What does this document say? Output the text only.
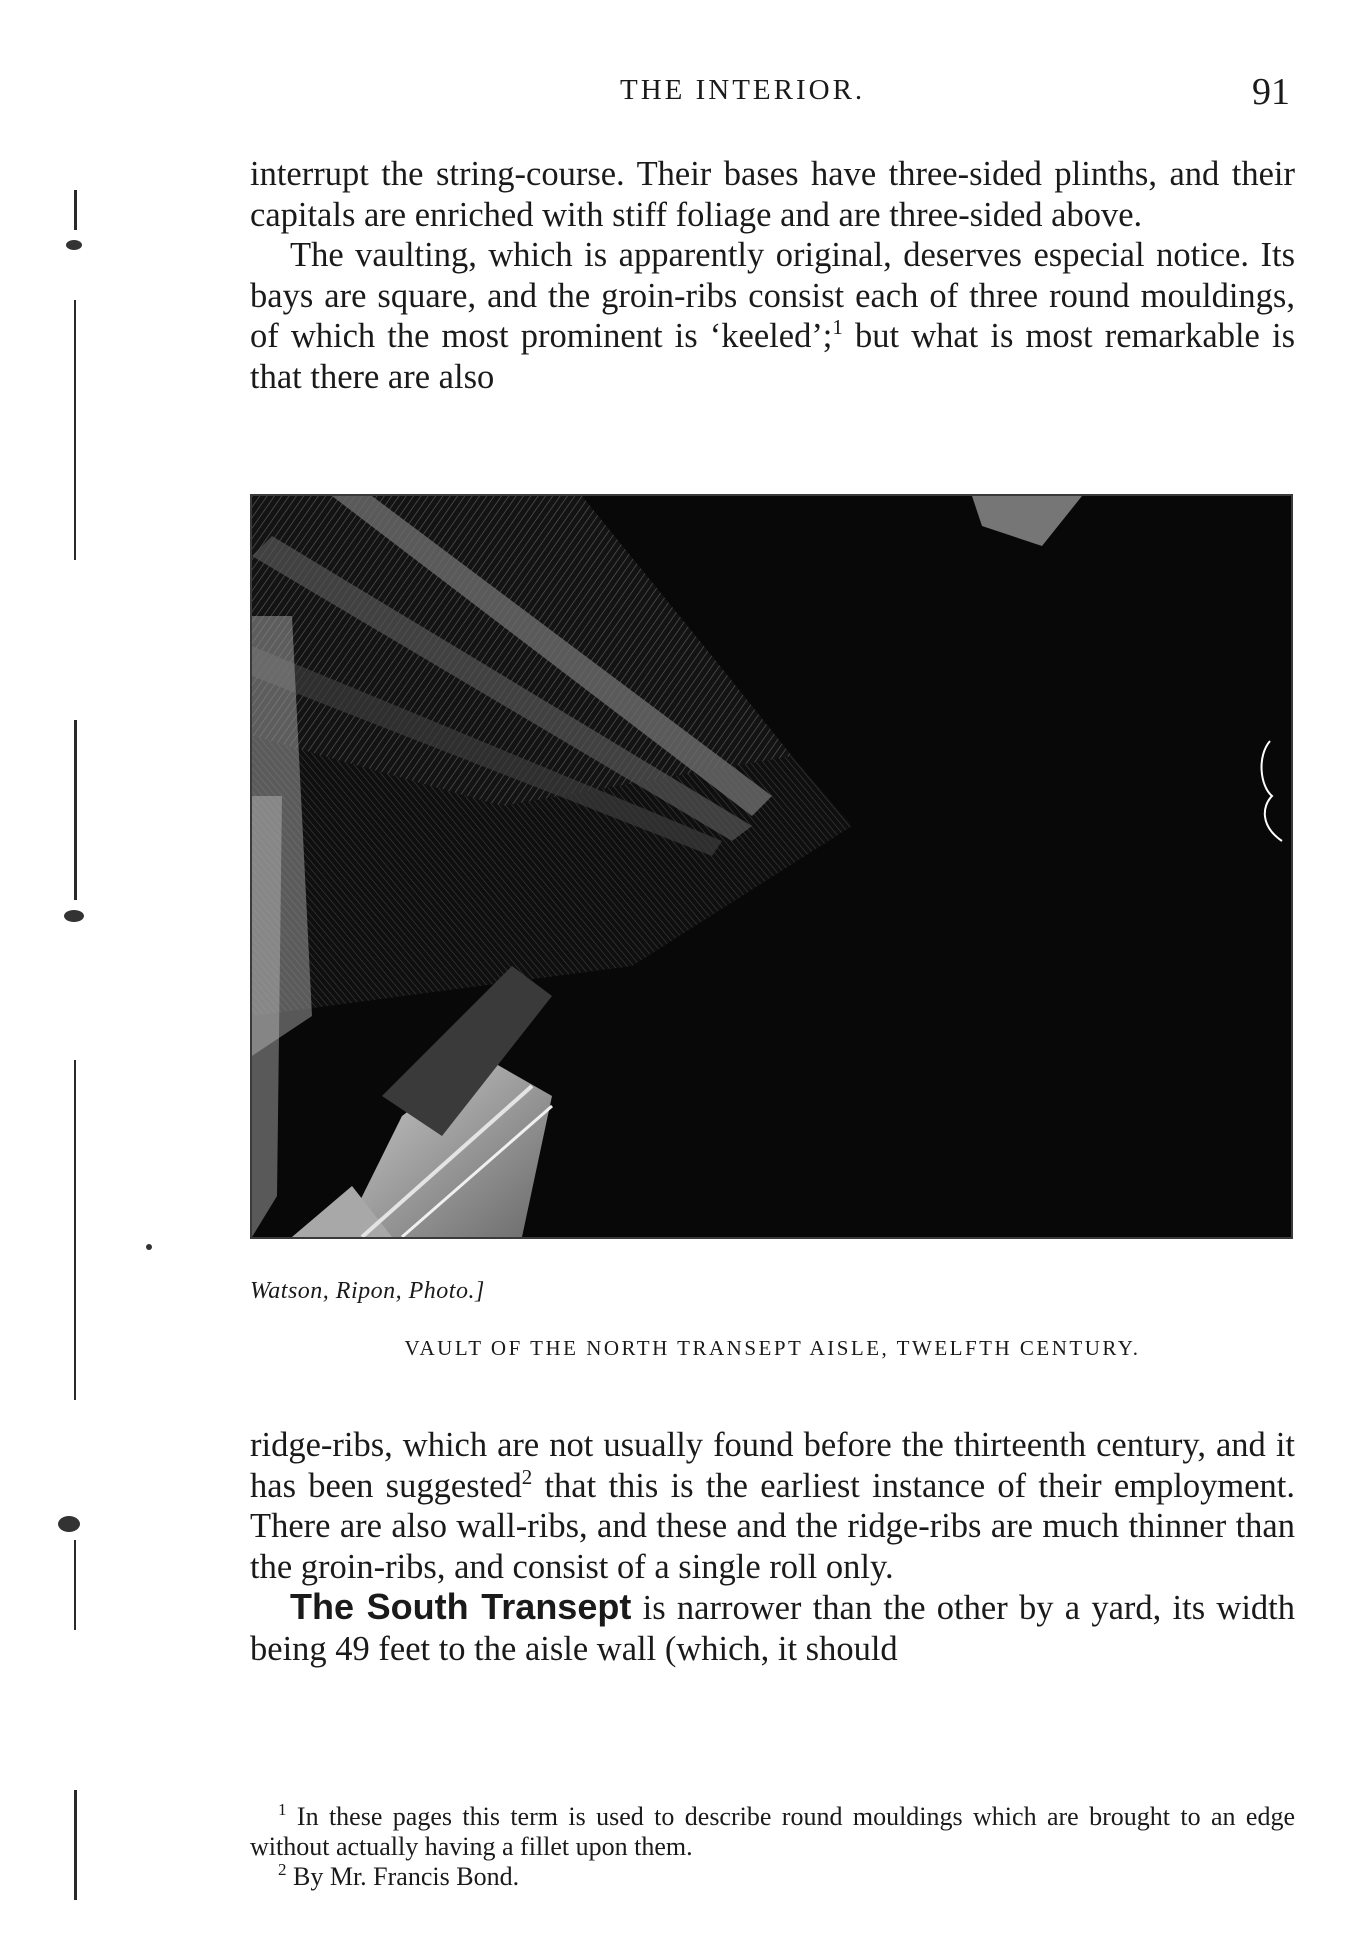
THE INTERIOR.	91

interrupt the string-course. Their bases have three-sided plinths, and their capitals are enriched with stiff foliage and are three-sided above.

The vaulting, which is apparently original, deserves especial notice. Its bays are square, and the groin-ribs consist each of three round mouldings, of which the most prominent is ‘keeled’;$^1$ but what is most remarkable is that there are also

Watson, Ripon, Photo.]
VAULT OF THE NORTH TRANSEPT AISLE, TWELFTH CENTURY.

ridge-ribs, which are not usually found before the thirteenth century, and it has been suggested$^2$ that this is the earliest instance of their employment. There are also wall-ribs, and these and the ridge-ribs are much thinner than the groin-ribs, and consist of a single roll only.

The South Transept is narrower than the other by a yard, its width being 49 feet to the aisle wall (which, it should

$^1$ In these pages this term is used to describe round mouldings which are brought to an edge without actually having a fillet upon them.

$^2$ By Mr. Francis Bond.
